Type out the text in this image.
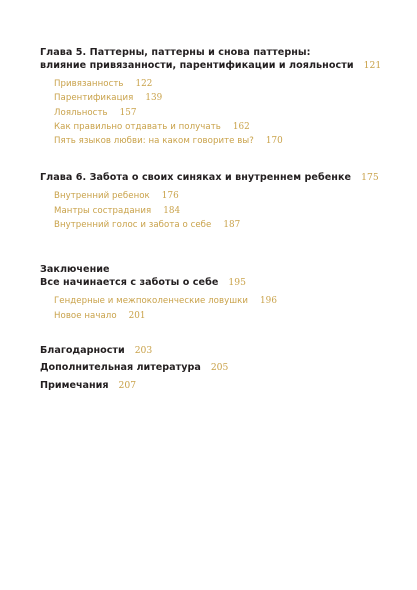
Глава 5. Паттерны, паттерны и снова паттерны:
влияние привязанности, парентификации и лояльности 121
Привязанность 122
Парентификация 139
Лояльность 157
Как правильно отдавать и получать 162
Пять языков любви: на каком говорите вы? 170
Глава 6. Забота о своих синяках и внутреннем ребенке 175
Внутренний ребенок 176
Мантры сострадания 184
Внутренний голос и забота о себе 187
Заключение
Все начинается с заботы о себе 195
Гендерные и межпоколенческие ловушки 196
Новое начало 201
Благодарности 203
Дополнительная литература 205
Примечания 207
